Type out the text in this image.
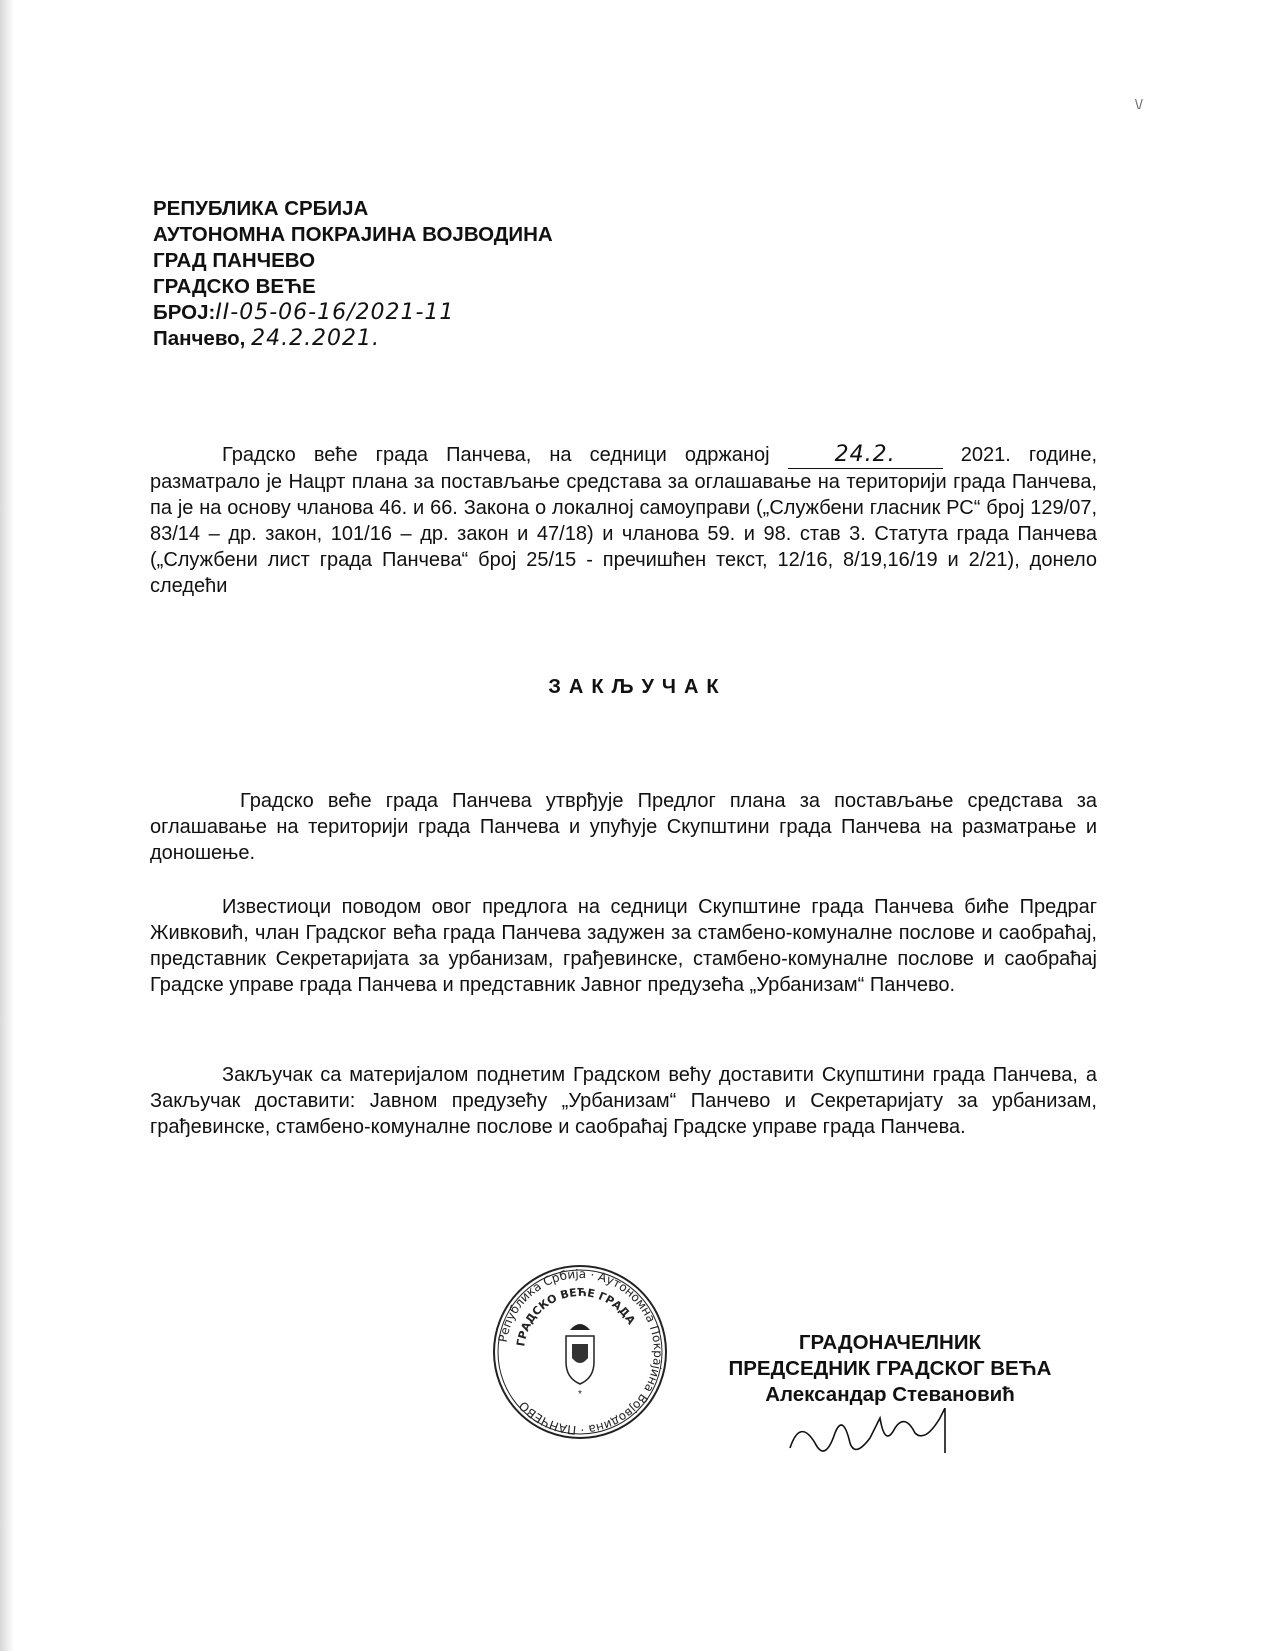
\/
РЕПУБЛИКА СРБИЈА
АУТОНОМНА ПОКРАЈИНА ВОЈВОДИНА
ГРАД ПАНЧЕВО
ГРАДСКО ВЕЋЕ
БРОЈ:II-05-06-16/2021-11
Панчево, 24.2.2021.
Градско веће града Панчева, на седници одржаној	24.2.	2021. године, разматрало је Нацрт плана за постављање средстава за оглашавање на територији града Панчева, па је на основу чланова 46. и 66. Закона о локалној самоуправи („Службени гласник РС“ број 129/07, 83/14 – др. закон, 101/16 – др. закон и 47/18) и чланова 59. и 98. став 3. Статута града Панчева („Службени лист града Панчева“ број 25/15 - пречишћен текст, 12/16, 8/19,16/19 и 2/21), донело следећи
ЗАКЉУЧАК
Градско веће града Панчева утврђује Предлог плана за постављање средстава за оглашавање на територији града Панчева и упућује Скупштини града Панчева на разматрање и доношење.
Известиоци поводом овог предлога на седници Скупштине града Панчева биће Предраг Живковић, члан Градског већа града Панчева задужен за стамбено-комуналне послове и саобраћај, представник Секретаријата за урбанизам, грађевинске, стамбено-комуналне послове и саобраћај Градске управе града Панчева и представник Јавног предузећа „Урбанизам“ Панчево.
Закључак са материјалом поднетим Градском већу доставити Скупштини града Панчева, а Закључак доставити: Јавном предузећу „Урбанизам“ Панчево и Секретаријату за урбанизам, грађевинске, стамбено-комуналне послове и саобраћај Градске управе града Панчева.
Република Србија · Аутономна Покрајина Војводина · ПАНЧЕВО
ГРАДСКО ВЕЋЕ ГРАДА
*
ГРАДОНАЧЕЛНИК
ПРЕДСЕДНИК ГРАДСКОГ ВЕЋА
Александар Стевановић
